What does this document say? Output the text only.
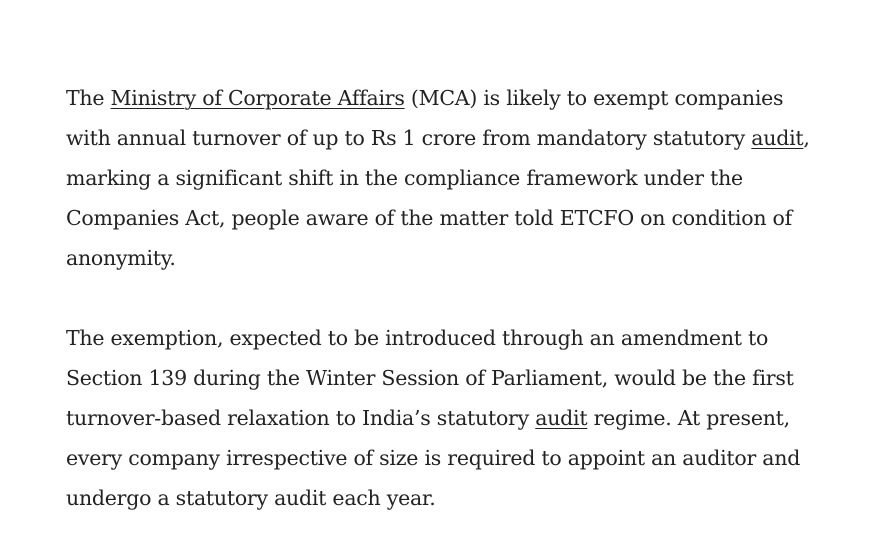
The Ministry of Corporate Affairs (MCA) is likely to exempt companies
with annual turnover of up to Rs 1 crore from mandatory statutory audit,
marking a significant shift in the compliance framework under the
Companies Act, people aware of the matter told ETCFO on condition of
anonymity.

The exemption, expected to be introduced through an amendment to
Section 139 during the Winter Session of Parliament, would be the first
turnover-based relaxation to India’s statutory audit regime. At present,
every company irrespective of size is required to appoint an auditor and
undergo a statutory audit each year.
